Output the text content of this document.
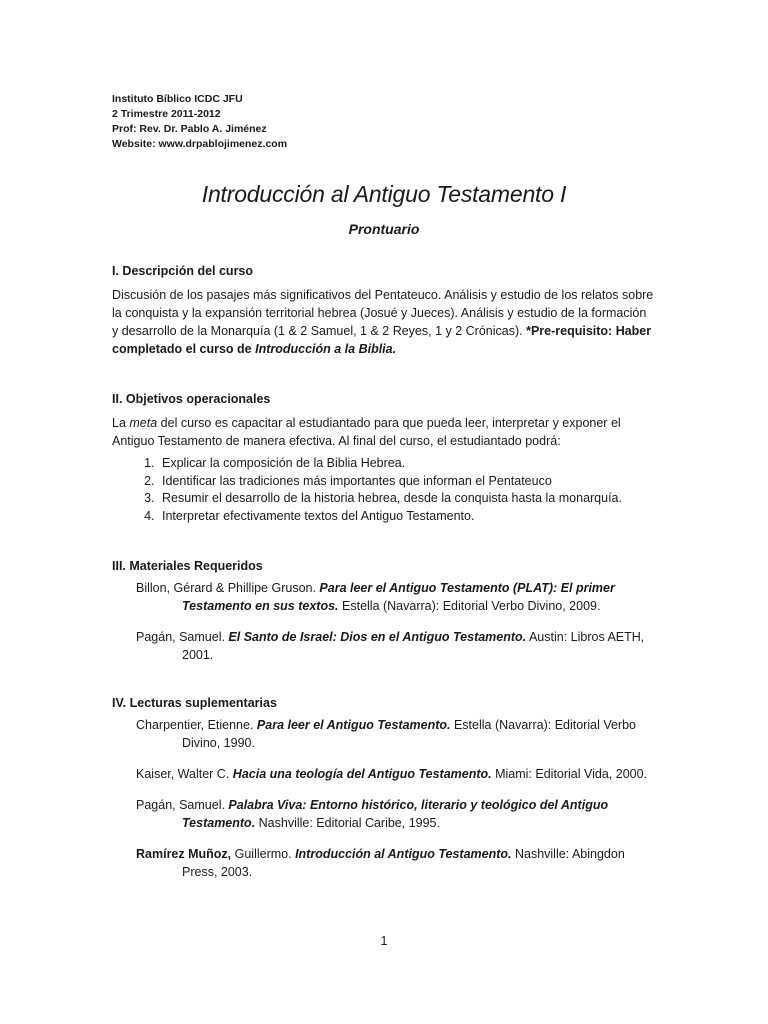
Instituto Bíblico ICDC JFU
2 Trimestre 2011-2012
Prof: Rev. Dr. Pablo A. Jiménez
Website: www.drpablojimenez.com
Introducción al Antiguo Testamento I
Prontuario
I. Descripción del curso

Discusión de los pasajes más significativos del Pentateuco. Análisis y estudio de los relatos sobre la conquista y la expansión territorial hebrea (Josué y Jueces). Análisis y estudio de la formación y desarrollo de la Monarquía (1 & 2 Samuel, 1 & 2 Reyes, 1 y 2 Crónicas). *Pre-requisito: Haber completado el curso de Introducción a la Biblia.

II. Objetivos operacionales

La meta del curso es capacitar al estudiantado para que pueda leer, interpretar y exponer el Antiguo Testamento de manera efectiva. Al final del curso, el estudiantado podrá:

1. Explicar la composición de la Biblia Hebrea.
2. Identificar las tradiciones más importantes que informan el Pentateuco
3. Resumir el desarrollo de la historia hebrea, desde la conquista hasta la monarquía.
4. Interpretar efectivamente textos del Antiguo Testamento.
III. Materiales Requeridos

Billon, Gérard & Phillipe Gruson. Para leer el Antiguo Testamento (PLAT): El primer Testamento en sus textos. Estella (Navarra): Editorial Verbo Divino, 2009.

Pagán, Samuel. El Santo de Israel: Dios en el Antiguo Testamento. Austin: Libros AETH, 2001.

IV. Lecturas suplementarias

Charpentier, Etienne. Para leer el Antiguo Testamento. Estella (Navarra): Editorial Verbo Divino, 1990.

Kaiser, Walter C. Hacia una teología del Antiguo Testamento. Miami: Editorial Vida, 2000.

Pagán, Samuel. Palabra Viva: Entorno histórico, literario y teológico del Antiguo Testamento. Nashville: Editorial Caribe, 1995.

Ramírez Muñoz, Guillermo. Introducción al Antiguo Testamento. Nashville: Abingdon Press, 2003.

1
